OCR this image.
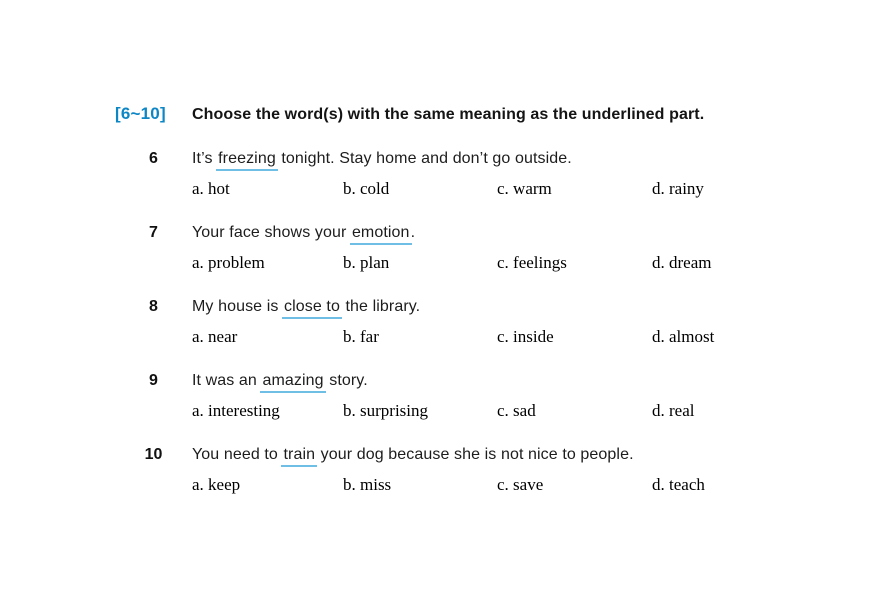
[6~10]	Choose the word(s) with the same meaning as the underlined part.
6	It’s freezing tonight. Stay home and don’t go outside.

a. hot	b. cold	c. warm	d. rainy
7	Your face shows your emotion.

a. problem	b. plan	c. feelings	d. dream
8	My house is close to the library.

a. near	b. far	c. inside	d. almost
9	It was an amazing story.

a. interesting	b. surprising	c. sad	d. real
10	You need to train your dog because she is not nice to people.

a. keep	b. miss	c. save	d. teach
